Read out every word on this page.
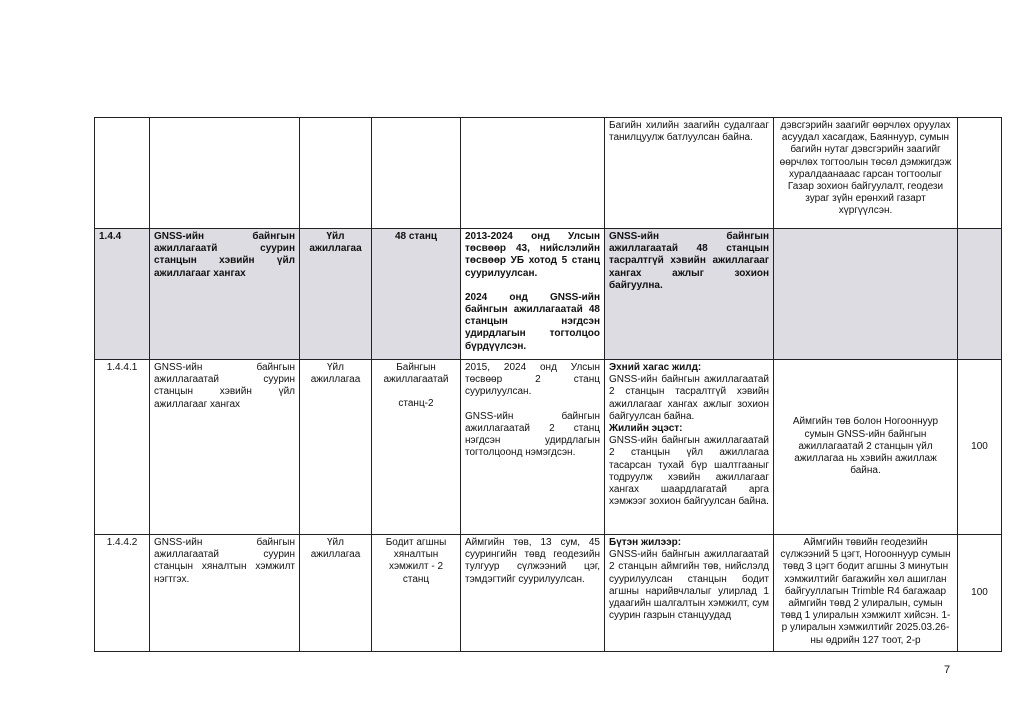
					Багийн хилийн заагийн судалгааг танилцуулж батлуулсан байна.	дэвсгэрийн заагийг өөрчлөх оруулах асуудал хасагдаж, Баяннуур, сумын багийн нутаг дэвсгэрийн заагийг өөрчлөх тогтоолын төсөл дэмжигдэж хуралдаанааас гарсан тогтоолыг Газар зохион байгуулалт, геодези зураг зүйн ерөнхий газарт хүргүүлсэн.	
1.4.4	GNSS-ийн байнгын ажиллагаатй суурин станцын хэвийн үйл ажиллагааг хангах	Үйл ажиллагаа	48 станц	2013-2024 онд Улсын төсвөөр 43, нийслэлийн төсвөөр УБ хотод 5 станц суурилуулсан.
2024 онд GNSS-ийн байнгын ажиллагаатай 48 станцын нэгдсэн удирдлагын тогтолцоо бүрдүүлсэн.	GNSS-ийн байнгын ажиллагаатай 48 станцын тасралтгүй хэвийн ажиллагааг хангах ажлыг зохион байгуулна.		
1.4.4.1	GNSS-ийн байнгын ажиллагаатай суурин станцын хэвийн үйл ажиллагааг хангах	Үйл ажиллагаа	Байнгын ажиллагаатай
станц-2	2015, 2024 онд Улсын төсвөөр 2 станц суурилуулсан.
GNSS-ийн байнгын ажиллагаатай 2 станц нэгдсэн удирдлагын тогтолцоонд нэмэгдсэн.	Эхний хагас жилд:
GNSS-ийн байнгын ажиллагаатай 2 станцын тасралтгүй хэвийн ажиллагааг хангах ажлыг зохион байгуулсан байна.
Жилийн эцэст:
GNSS-ийн байнгын ажиллагаатай 2 станцын үйл ажиллагаа тасарсан тухай бүр шалтгааныг тодруулж хэвийн ажиллагааг хангах шаардлагатай арга хэмжээг зохион байгуулсан байна.	Аймгийн төв болон Ногооннуур сумын GNSS-ийн байнгын ажиллагаатай 2 станцын үйл ажиллагаа нь хэвийн ажиллаж байна.	100
1.4.4.2	GNSS-ийн байнгын ажиллагаатай суурин станцын хяналтын хэмжилт нэгтгэх.	Үйл ажиллагаа	Бодит агшны хяналтын хэмжилт - 2 станц	Аймгийн төв, 13 сум, 45 суурингийн төвд геодезийн тулгуур сүлжээний цэг, тэмдэгтийг суурилуулсан.	Бүтэн жилээр:
GNSS-ийн байнгын ажиллагаатай 2 станцын аймгийн төв, нийслэлд суурилуулсан станцын бодит агшны нарийвчлалыг улирлад 1 удаагийн шалгалтын хэмжилт, сум суурин газрын станцуудад	Аймгийн төвийн геодезийн сүлжээний 5 цэгт, Ногооннуур сумын төвд 3 цэгт бодит агшны 3 минутын хэмжилтийг багажийн хөл ашиглан байгууллагын Trimble R4 багажаар аймгийн төвд 2 улиралын, сумын төвд 1 улиралын хэмжилт хийсэн. 1-р улиралын хэмжилтийг 2025.03.26-ны өдрийн 127 тоот, 2-р	100
7
